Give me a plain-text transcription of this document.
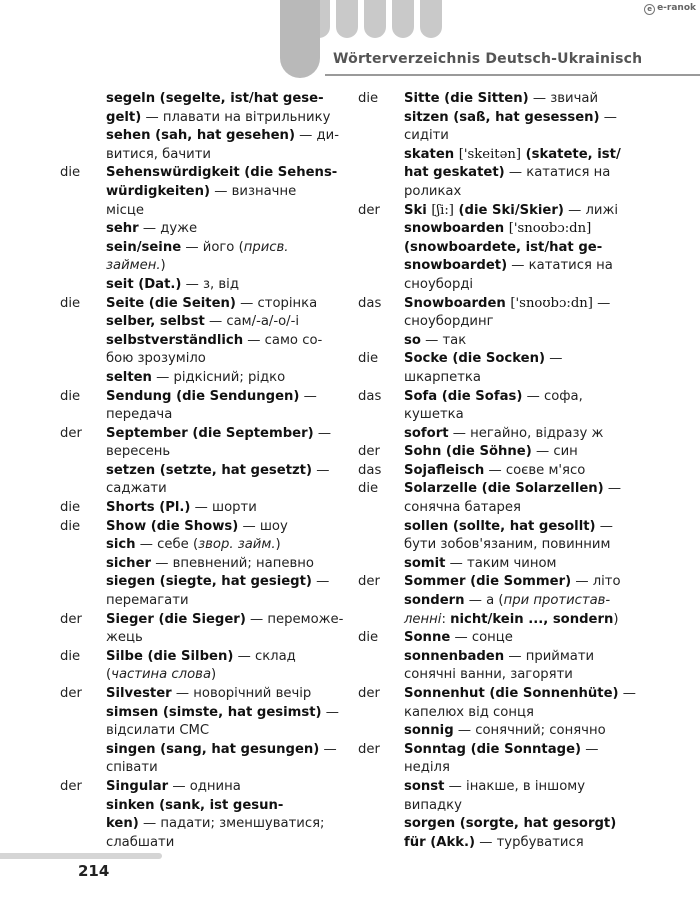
e e-ranok
Wörterverzeichnis Deutsch-Ukrainisch
segeln (segelte, ist/hat gese-
gelt) — плавати на вітрильнику
sehen (sah, hat gesehen) — ди-
витися, бачити
die Sehenswürdigkeit (die Sehens-
würdigkeiten) — визначне
місце
sehr — дуже
sein/seine — його (присв.
займен.)
seit (Dat.) — з, від
die Seite (die Seiten) — сторінка
selber, selbst — сам/-а/-о/-і
selbstverständlich — само со-
бою зрозуміло
selten — рідкісний; рідко
die Sendung (die Sendungen) —
передача
der September (die September) —
вересень
setzen (setzte, hat gesetzt) —
саджати
die Shorts (Pl.) — шорти
die Show (die Shows) — шоу
sich — себе (звор. займ.)
sicher — впевнений; напевно
siegen (siegte, hat gesiegt) —
перемагати
der Sieger (die Sieger) — переможе-
жець
die Silbe (die Silben) — склад
(частина слова)
der Silvester — новорічний вечір
simsen (simste, hat gesimst) —
відсилати СМС
singen (sang, hat gesungen) —
співати
der Singular — однина
sinken (sank, ist gesun-
ken) — падати; зменшуватися;
слабшати
die Sitte (die Sitten) — звичай
sitzen (saß, hat gesessen) —
сидіти
skaten ['skeitən] (skatete, ist/
hat geskatet) — кататися на
роликах
der Ski [ʃi:] (die Ski/Skier) — лижі
snowboarden ['snoʊbɔ:dn]
(snowboardete, ist/hat ge-
snowboardet) — кататися на
сноуборді
das Snowboarden ['snoʊbɔ:dn] —
сноубординг
so — так
die Socke (die Socken) —
шкарпетка
das Sofa (die Sofas) — софа,
кушетка
sofort — негайно, відразу ж
der Sohn (die Söhne) — син
das Sojafleisch — соєве м'ясо
die Solarzelle (die Solarzellen) —
сонячна батарея
sollen (sollte, hat gesollt) —
бути зобов'язаним, повинним
somit — таким чином
der Sommer (die Sommer) — літо
sondern — а (при протистав-
ленні: nicht/kein ..., sondern)
die Sonne — сонце
sonnenbaden — приймати
сонячні ванни, загоряти
der Sonnenhut (die Sonnenhüte) —
капелюх від сонця
sonnig — сонячний; сонячно
der Sonntag (die Sonntage) —
неділя
sonst — інакше, в іншому
випадку
sorgen (sorgte, hat gesorgt)
für (Akk.) — турбуватися
214
